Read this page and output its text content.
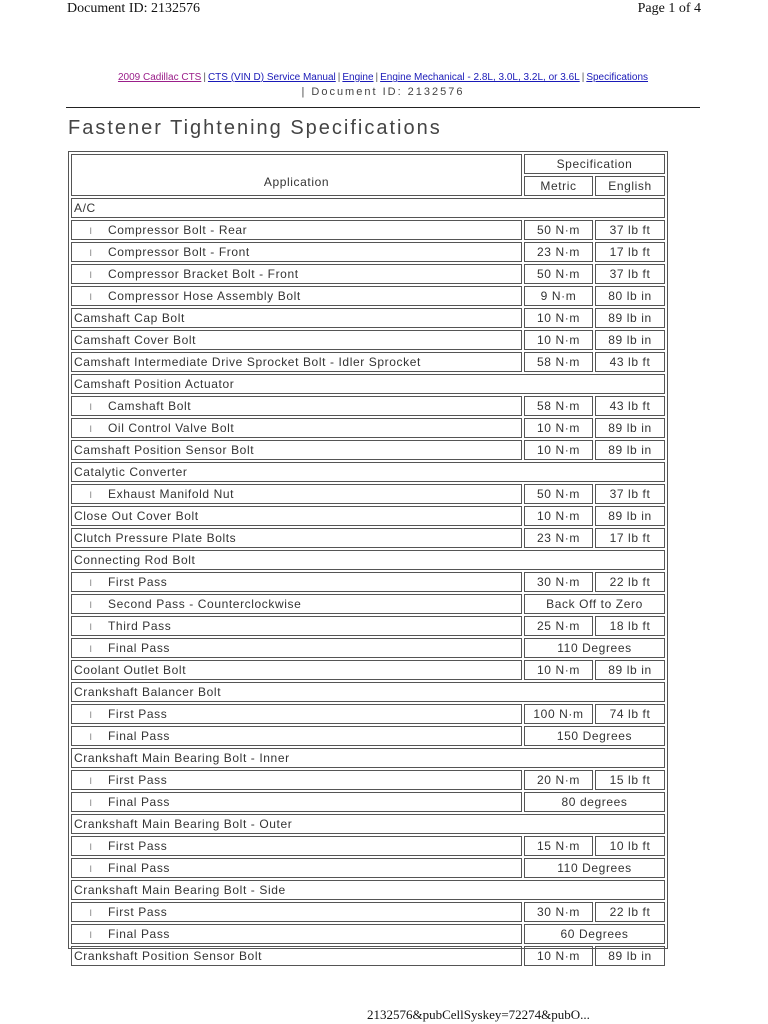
Document ID: 2132576	Page 1 of 4
2009 Cadillac CTS | CTS (VIN D) Service Manual | Engine | Engine Mechanical - 2.8L, 3.0L, 3.2L, or 3.6L | Specifications
| Document ID: 2132576
Fastener Tightening Specifications
Application	Specification	
	Metric	English
A/C		
l Compressor Bolt - Rear	50 N·m	37 lb ft
l Compressor Bolt - Front	23 N·m	17 lb ft
l Compressor Bracket Bolt - Front	50 N·m	37 lb ft
l Compressor Hose Assembly Bolt	9 N·m	80 lb in
Camshaft Cap Bolt	10 N·m	89 lb in
Camshaft Cover Bolt	10 N·m	89 lb in
Camshaft Intermediate Drive Sprocket Bolt - Idler Sprocket	58 N·m	43 lb ft
Camshaft Position Actuator		
l Camshaft Bolt	58 N·m	43 lb ft
l Oil Control Valve Bolt	10 N·m	89 lb in
Camshaft Position Sensor Bolt	10 N·m	89 lb in
Catalytic Converter		
l Exhaust Manifold Nut	50 N·m	37 lb ft
Close Out Cover Bolt	10 N·m	89 lb in
Clutch Pressure Plate Bolts	23 N·m	17 lb ft
Connecting Rod Bolt		
l First Pass	30 N·m	22 lb ft
l Second Pass - Counterclockwise	Back Off to Zero	
l Third Pass	25 N·m	18 lb ft
l Final Pass	110 Degrees	
Coolant Outlet Bolt	10 N·m	89 lb in
Crankshaft Balancer Bolt		
l First Pass	100 N·m	74 lb ft
l Final Pass	150 Degrees	
Crankshaft Main Bearing Bolt - Inner		
l First Pass	20 N·m	15 lb ft
l Final Pass	80 degrees	
Crankshaft Main Bearing Bolt - Outer		
l First Pass	15 N·m	10 lb ft
l Final Pass	110 Degrees	
Crankshaft Main Bearing Bolt - Side		
l First Pass	30 N·m	22 lb ft
l Final Pass	60 Degrees	
Crankshaft Position Sensor Bolt	10 N·m	89 lb in
2132576&pubCellSyskey=72274&pubO...
